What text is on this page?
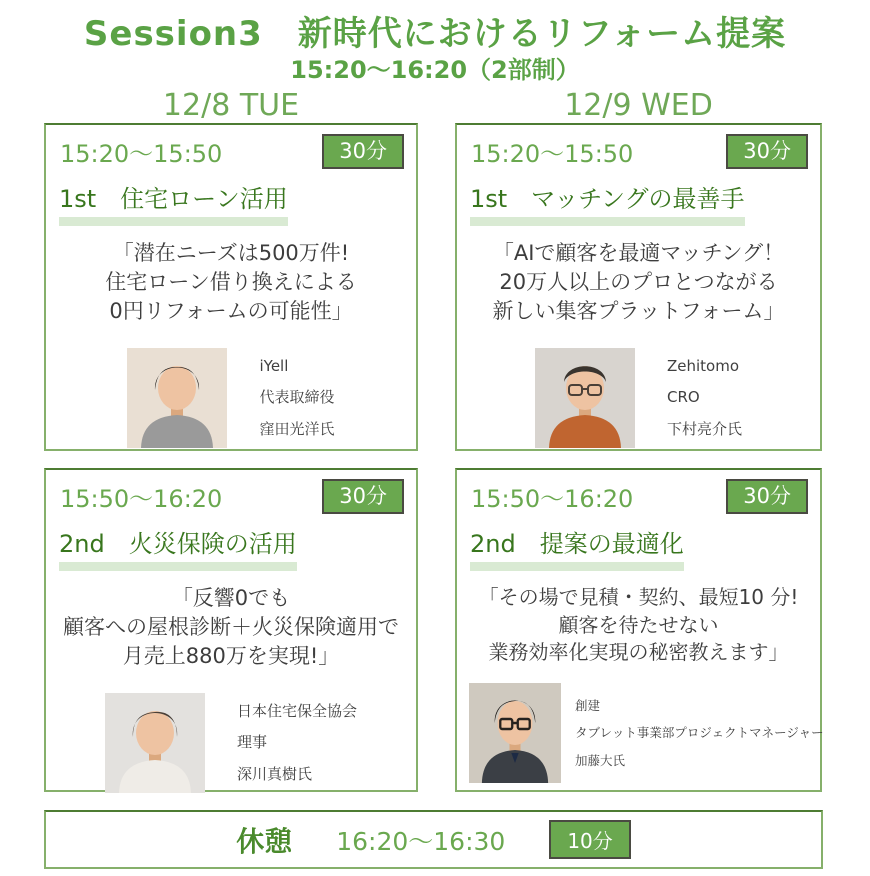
Session3　新時代におけるリフォーム提案
15:20〜16:20（2部制）
12/8 TUE	12/9 WED
15:20〜15:50	30分
1st　住宅ローン活用
「潜在ニーズは500万件!
住宅ローン借り換えによる
0円リフォームの可能性」
iYell
代表取締役
窪田光洋氏
15:20〜15:50	30分
1st　マッチングの最善手
「AIで顧客を最適マッチング！
20万人以上のプロとつながる
新しい集客プラットフォーム」
Zehitomo
CRO
下村亮介氏
15:50〜16:20	30分
2nd　火災保険の活用
「反響0でも
顧客への屋根診断＋火災保険適用で
月売上880万を実現!」
日本住宅保全協会
理事
深川真樹氏
15:50〜16:20	30分
2nd　提案の最適化
「その場で見積・契約、最短10 分!
顧客を待たせない
業務効率化実現の秘密教えます」
創建
タブレット事業部プロジェクトマネージャー
加藤大氏
休憩 16:20〜16:30	10分
